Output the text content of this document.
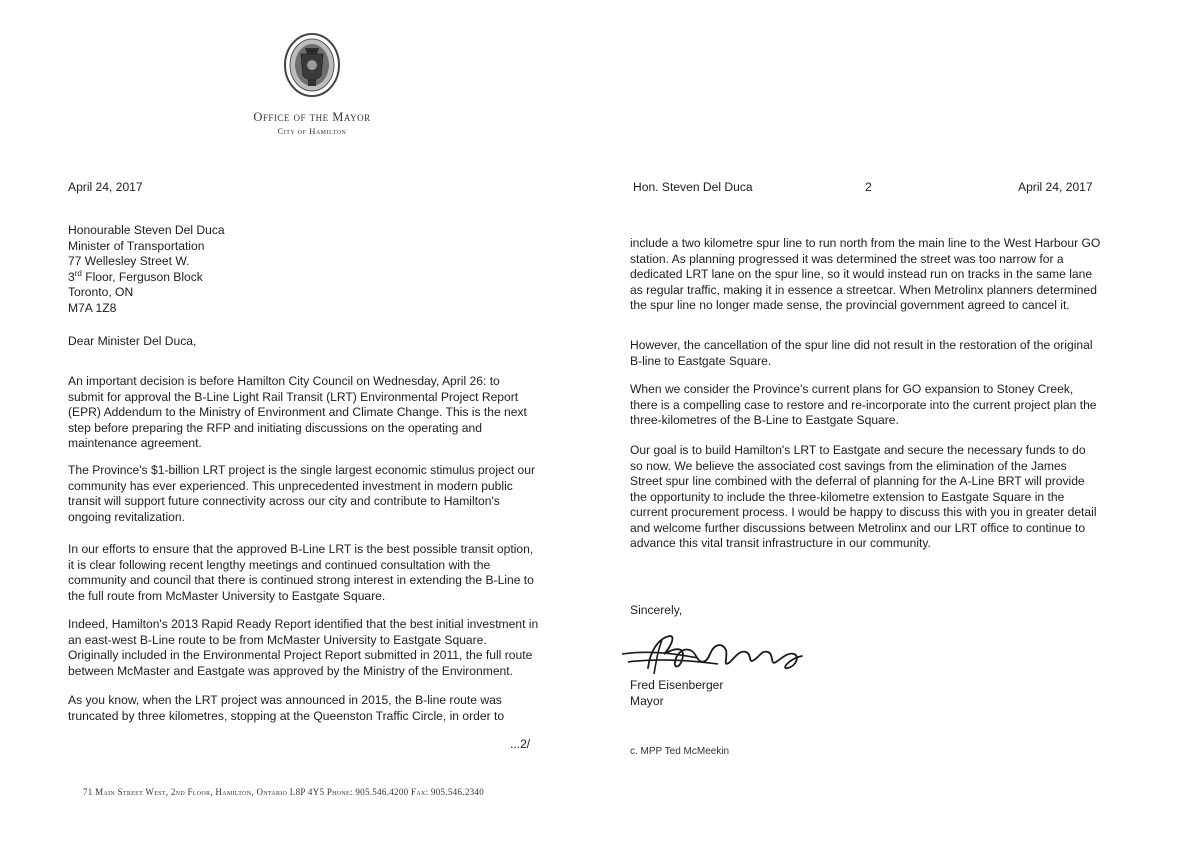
Office of the Mayor
City of Hamilton
April 24, 2017
Honourable Steven Del Duca
Minister of Transportation
77 Wellesley Street W.
3rd Floor, Ferguson Block
Toronto, ON
M7A 1Z8
Dear Minister Del Duca,
An important decision is before Hamilton City Council on Wednesday, April 26: to
submit for approval the B-Line Light Rail Transit (LRT) Environmental Project Report
(EPR) Addendum to the Ministry of Environment and Climate Change. This is the next
step before preparing the RFP and initiating discussions on the operating and
maintenance agreement.
The Province's $1-billion LRT project is the single largest economic stimulus project our
community has ever experienced. This unprecedented investment in modern public
transit will support future connectivity across our city and contribute to Hamilton's
ongoing revitalization.
In our efforts to ensure that the approved B-Line LRT is the best possible transit option,
it is clear following recent lengthy meetings and continued consultation with the
community and council that there is continued strong interest in extending the B-Line to
the full route from McMaster University to Eastgate Square.
Indeed, Hamilton's 2013 Rapid Ready Report identified that the best initial investment in
an east-west B-Line route to be from McMaster University to Eastgate Square.
Originally included in the Environmental Project Report submitted in 2011, the full route
between McMaster and Eastgate was approved by the Ministry of the Environment.
As you know, when the LRT project was announced in 2015, the B-line route was
truncated by three kilometres, stopping at the Queenston Traffic Circle, in order to
...2/
71 Main Street West, 2nd Floor, Hamilton, Ontario L8P 4Y5 Phone: 905.546.4200 Fax: 905.546.2340
Hon. Steven Del Duca	2	April 24, 2017
include a two kilometre spur line to run north from the main line to the West Harbour GO
station. As planning progressed it was determined the street was too narrow for a
dedicated LRT lane on the spur line, so it would instead run on tracks in the same lane
as regular traffic, making it in essence a streetcar. When Metrolinx planners determined
the spur line no longer made sense, the provincial government agreed to cancel it.
However, the cancellation of the spur line did not result in the restoration of the original
B-line to Eastgate Square.
When we consider the Province's current plans for GO expansion to Stoney Creek,
there is a compelling case to restore and re-incorporate into the current project plan the
three-kilometres of the B-Line to Eastgate Square.
Our goal is to build Hamilton's LRT to Eastgate and secure the necessary funds to do
so now. We believe the associated cost savings from the elimination of the James
Street spur line combined with the deferral of planning for the A-Line BRT will provide
the opportunity to include the three-kilometre extension to Eastgate Square in the
current procurement process. I would be happy to discuss this with you in greater detail
and welcome further discussions between Metrolinx and our LRT office to continue to
advance this vital transit infrastructure in our community.
Sincerely,
Fred Eisenberger
Mayor
c. MPP Ted McMeekin
